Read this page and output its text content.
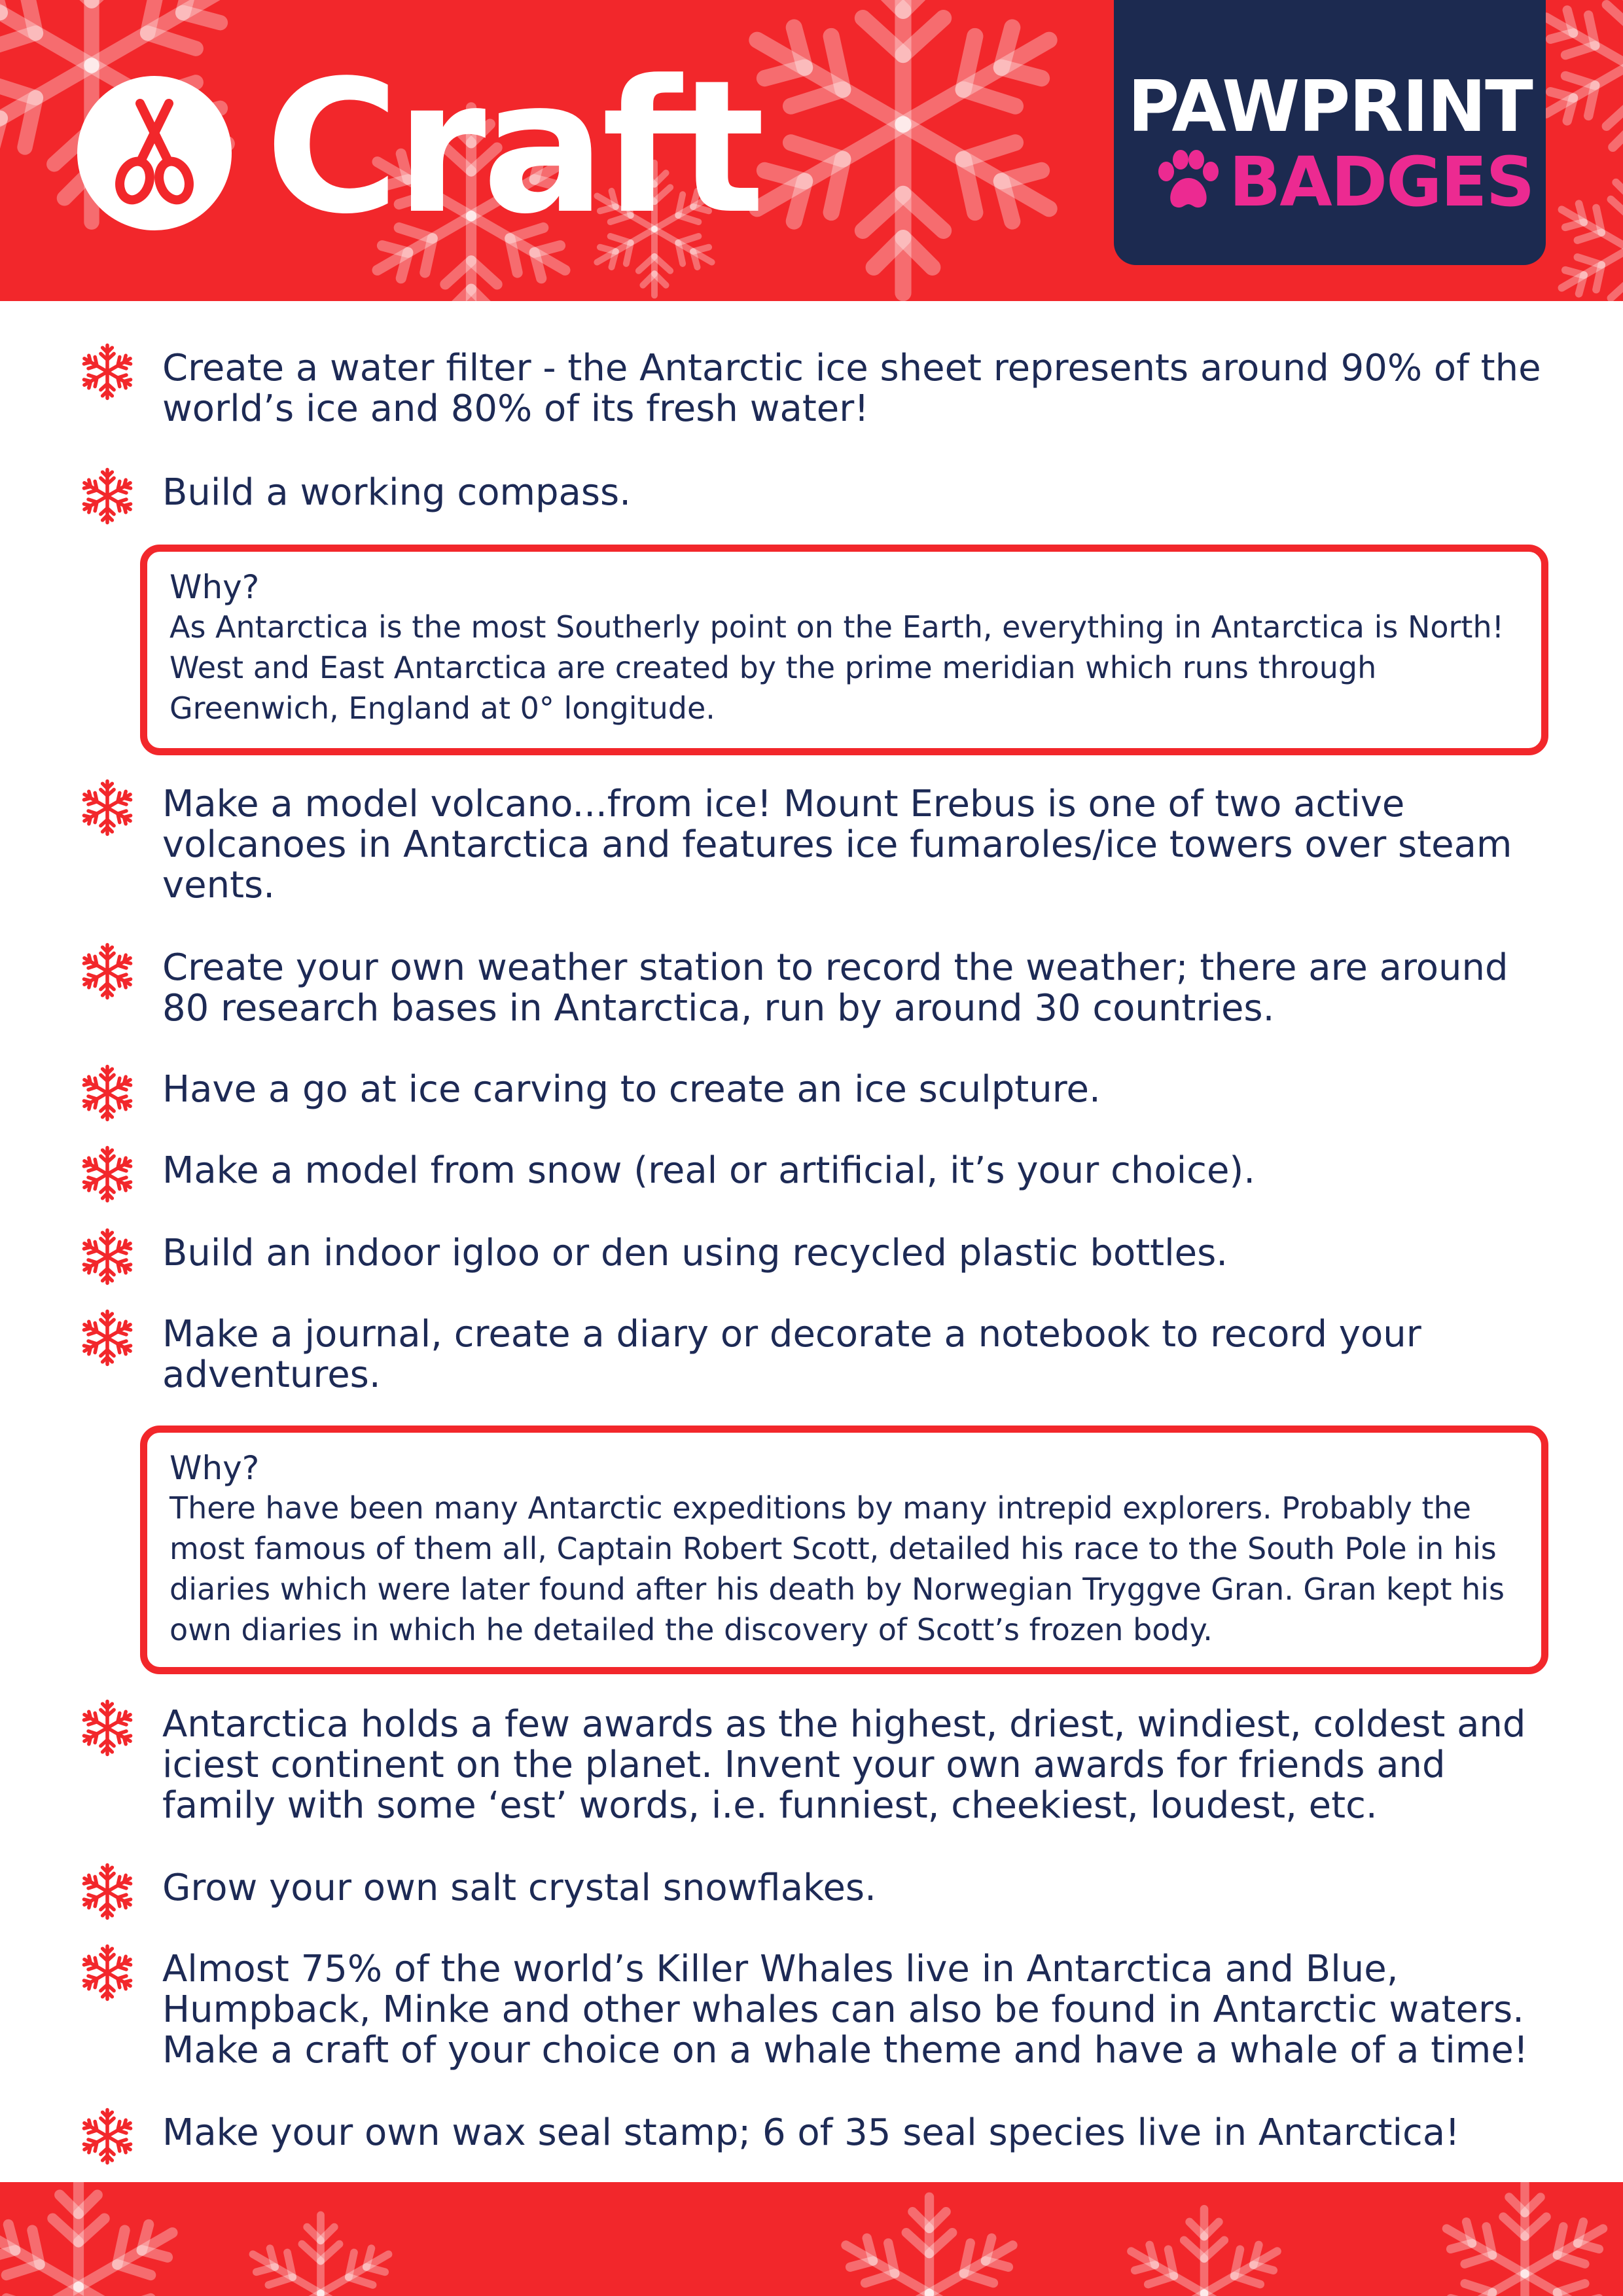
Craft	PAWPRINT
BADGES
Create a water filter - the Antarctic ice sheet represents around 90% of the world’s ice and 80% of its fresh water!
Build a working compass.
Why?
As Antarctica is the most Southerly point on the Earth, everything in Antarctica is North! West and East Antarctica are created by the prime meridian which runs through Greenwich, England at 0° longitude.
Make a model volcano...from ice! Mount Erebus is one of two active volcanoes in Antarctica and features ice fumaroles/ice towers over steam vents.
Create your own weather station to record the weather; there are around 80 research bases in Antarctica, run by around 30 countries.
Have a go at ice carving to create an ice sculpture.
Make a model from snow (real or artificial, it’s your choice).
Build an indoor igloo or den using recycled plastic bottles.
Make a journal, create a diary or decorate a notebook to record your adventures.
Why?
There have been many Antarctic expeditions by many intrepid explorers. Probably the most famous of them all, Captain Robert Scott, detailed his race to the South Pole in his diaries which were later found after his death by Norwegian Tryggve Gran. Gran kept his own diaries in which he detailed the discovery of Scott’s frozen body.
Antarctica holds a few awards as the highest, driest, windiest, coldest and iciest continent on the planet. Invent your own awards for friends and family with some ‘est’ words, i.e. funniest, cheekiest, loudest, etc.
Grow your own salt crystal snowflakes.
Almost 75% of the world’s Killer Whales live in Antarctica and Blue, Humpback, Minke and other whales can also be found in Antarctic waters. Make a craft of your choice on a whale theme and have a whale of a time!
Make your own wax seal stamp; 6 of 35 seal species live in Antarctica!
